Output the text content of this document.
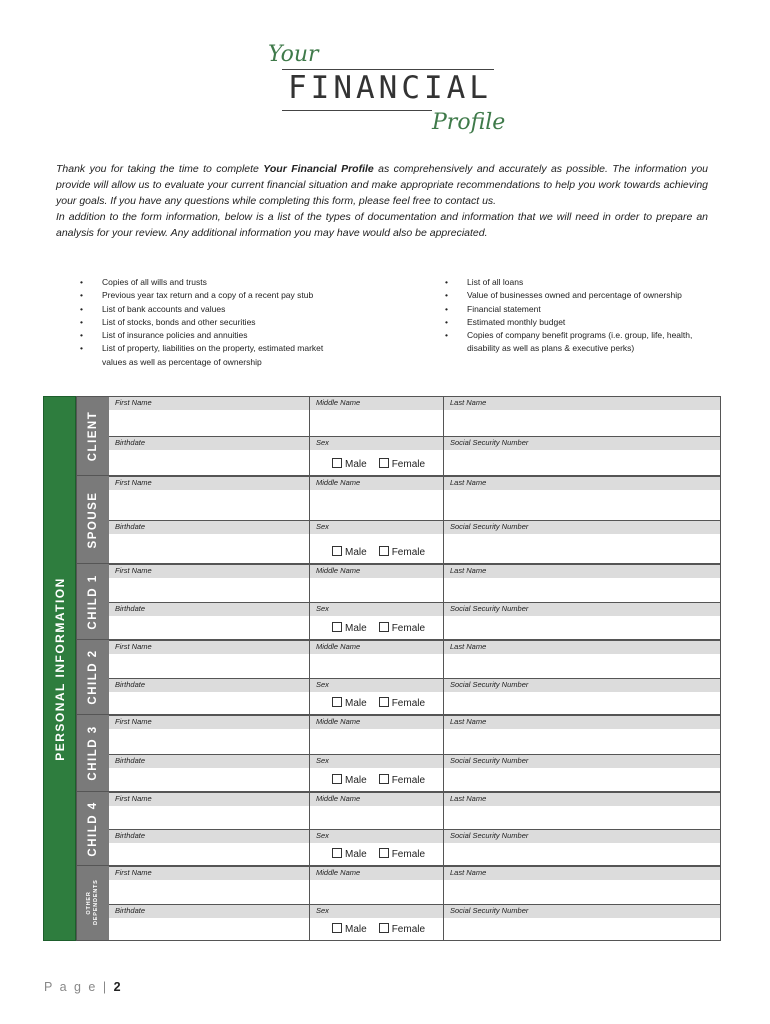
Your
FINANCIAL
Profile

Thank you for taking the time to complete Your Financial Profile as comprehensively and accurately as possible. The information you provide will allow us to evaluate your current financial situation and make appropriate recommendations to help you work towards achieving your goals. If you have any questions while completing this form, please feel free to contact us.

In addition to the form information, below is a list of the types of documentation and information that we will need in order to prepare an analysis for your review. Any additional information you may have would also be appreciated.

• Copies of all wills and trusts
• Previous year tax return and a copy of a recent pay stub
• List of bank accounts and values
• List of stocks, bonds and other securities
• List of insurance policies and annuities
• List of property, liabilities on the property, estimated market values as well as percentage of ownership
• List of all loans
• Value of businesses owned and percentage of ownership
• Financial statement
• Estimated monthly budget
• Copies of company benefit programs (i.e. group, life, health, disability as well as plans & executive perks)
PERSONAL INFORMATION
CLIENT
First Name	Middle Name	Last Name
Birthdate	Sex	Social Security Number
Male	Female
SPOUSE
First Name	Middle Name	Last Name
Birthdate	Sex	Social Security Number
Male	Female
CHILD 1
First Name	Middle Name	Last Name
Birthdate	Sex	Social Security Number
Male	Female
CHILD 2
First Name	Middle Name	Last Name
Birthdate	Sex	Social Security Number
Male	Female
CHILD 3
First Name	Middle Name	Last Name
Birthdate	Sex	Social Security Number
Male	Female
CHILD 4
First Name	Middle Name	Last Name
Birthdate	Sex	Social Security Number
Male	Female
OTHER DEPENDENTS
First Name	Middle Name	Last Name
Birthdate	Sex	Social Security Number
Male	Female
P a g e | 2
